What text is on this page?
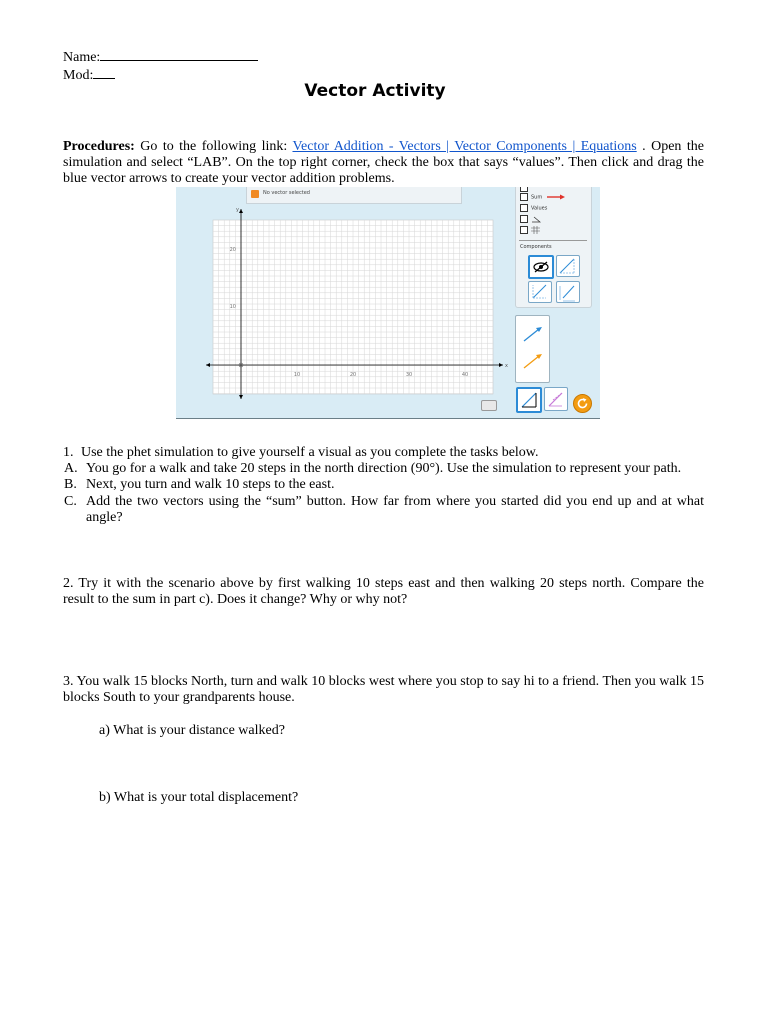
Name:
Mod:
Vector Activity
Procedures: Go to the following link: Vector Addition - Vectors | Vector Components | Equations . Open the simulation and select “LAB”. On the top right corner, check the box that says “values”. Then click and drag the blue vector arrows to create your vector addition problems.
x
y
20
10
10	20	30	40
No vector selected
Sum
Values
Components
1. Use the phet simulation to give yourself a visual as you complete the tasks below.
A. You go for a walk and take 20 steps in the north direction (90°). Use the simulation to represent your path.
B. Next, you turn and walk 10 steps to the east.
C. Add the two vectors using the “sum” button. How far from where you started did you end up and at what angle?
2. Try it with the scenario above by first walking 10 steps east and then walking 20 steps north. Compare the result to the sum in part c). Does it change? Why or why not?
3. You walk 15 blocks North, turn and walk 10 blocks west where you stop to say hi to a friend. Then you walk 15 blocks South to your grandparents house.
a) What is your distance walked?
b) What is your total displacement?
